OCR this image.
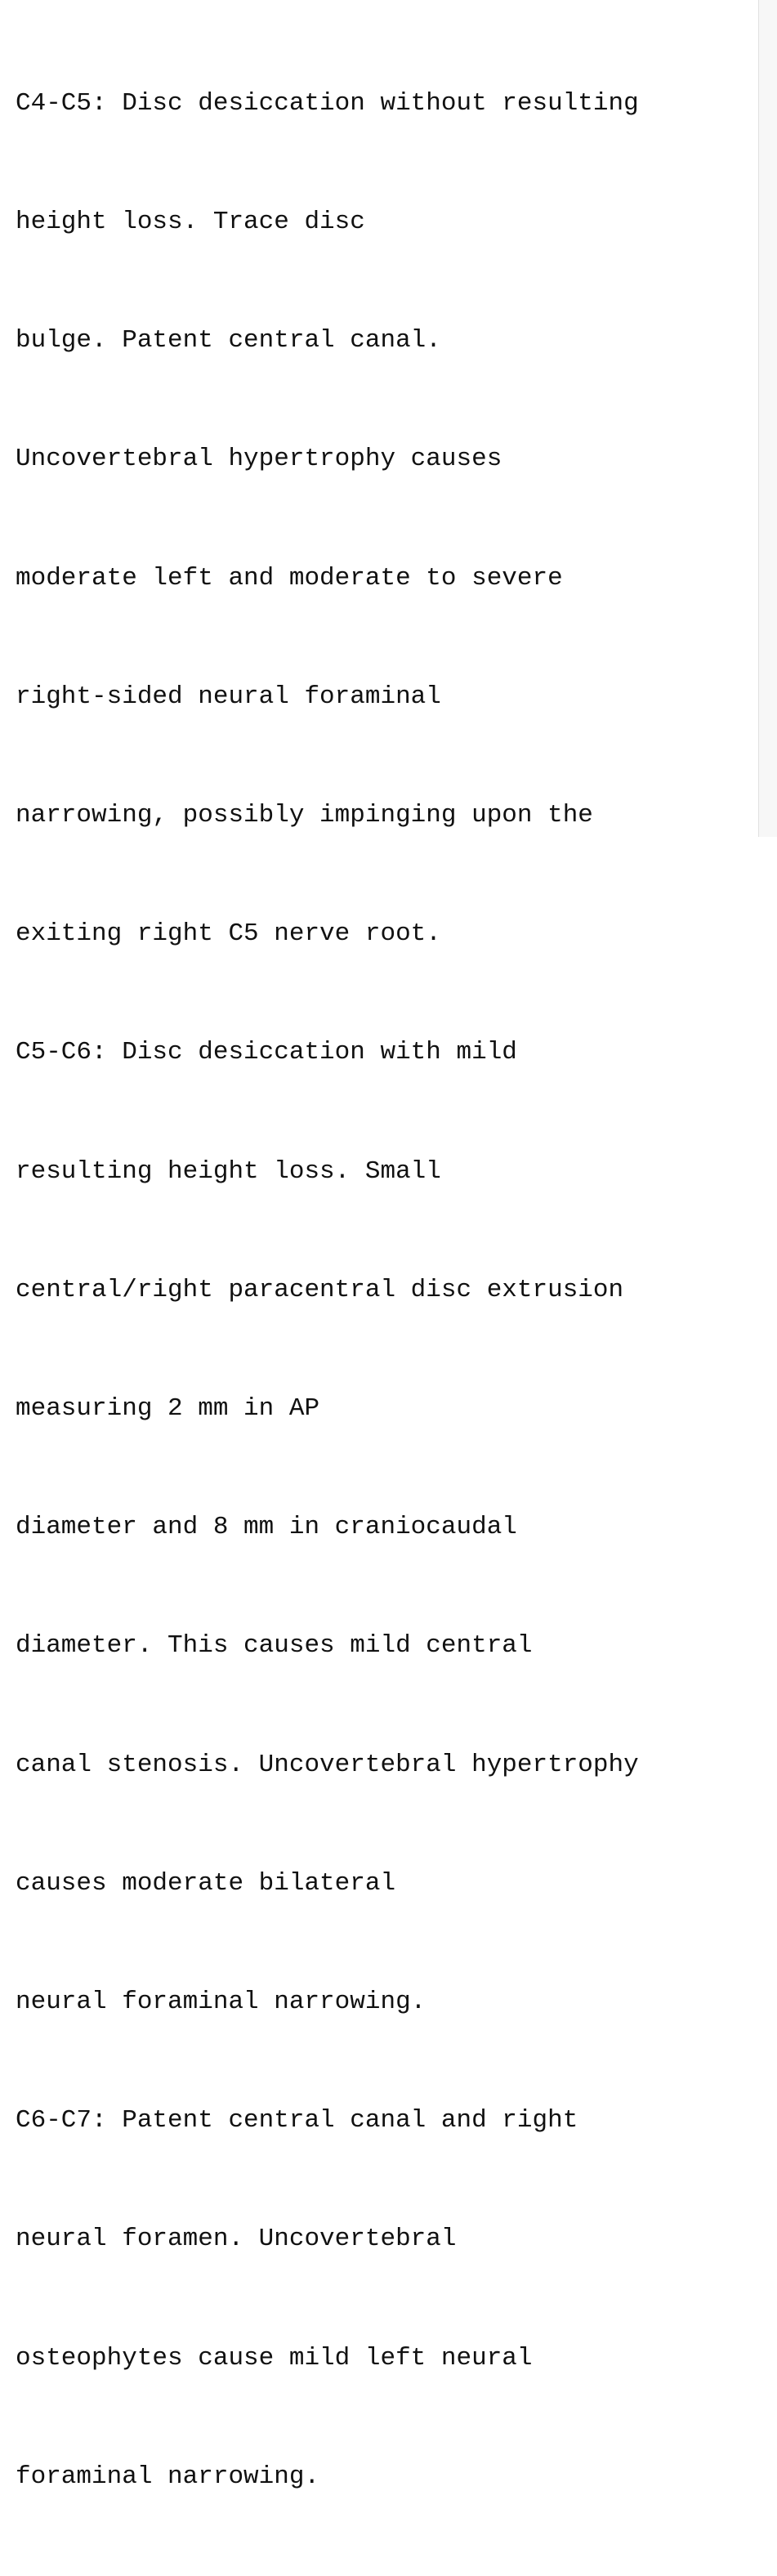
C4-C5: Disc desiccation without resulting

height loss. Trace disc

bulge. Patent central canal.

Uncovertebral hypertrophy causes

moderate left and moderate to severe

right-sided neural foraminal

narrowing, possibly impinging upon the

exiting right C5 nerve root.

C5-C6: Disc desiccation with mild

resulting height loss. Small

central/right paracentral disc extrusion

measuring 2 mm in AP

diameter and 8 mm in craniocaudal

diameter. This causes mild central

canal stenosis. Uncovertebral hypertrophy

causes moderate bilateral

neural foraminal narrowing.

C6-C7: Patent central canal and right

neural foramen. Uncovertebral

osteophytes cause mild left neural

foraminal narrowing.
